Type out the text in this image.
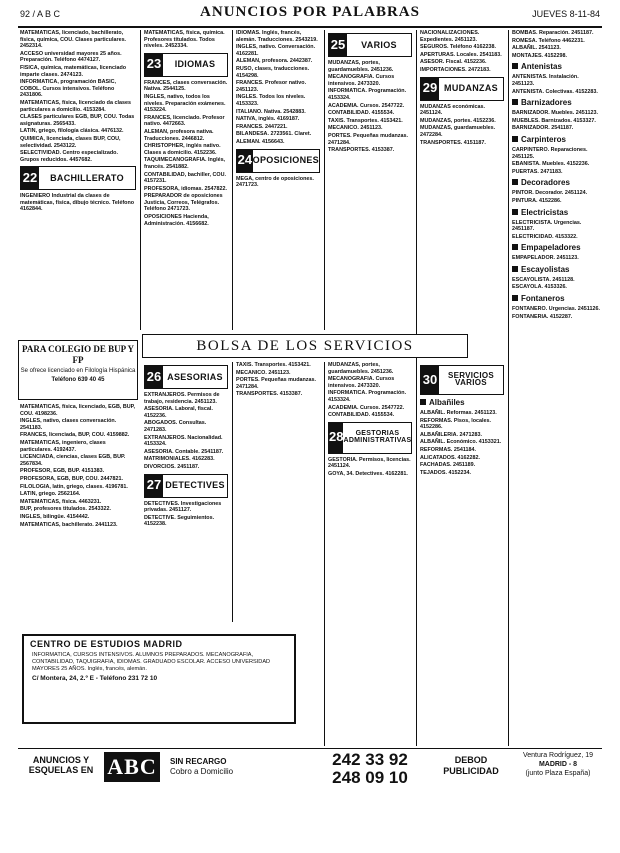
92 / A B C	ANUNCIOS POR PALABRAS	JUEVES 8-11-84

MATEMATICAS, licenciado, bachillerato, física, química, COU. Clases particulares. 2452314.

ACCESO universidad mayores 25 años. Preparación. Teléfono 4474127.

FISICA, química, matemáticas, licenciado imparte clases. 2474123.

INFORMATICA, programación BASIC, COBOL. Cursos intensivos. Teléfono 2431806.

MATEMATICAS, física, licenciado da clases particulares a domicilio. 4153284.

CLASES particulares EGB, BUP, COU. Todas asignaturas. 2565433.

LATIN, griego, filología clásica. 4476132.

QUIMICA, licenciada, clases BUP, COU, selectividad. 2543122.

SELECTIVIDAD. Centro especializado. Grupos reducidos. 4457682.

22	BACHILLERATO

INGENIERO Industrial da clases de matemáticas, física, dibujo técnico. Teléfono 4162844.

PARA COLEGIO DE BUP Y FP
Se ofrece licenciado en Filología Hispánica
Teléfono 639 40 45

MATEMATICAS, física, licenciado, EGB, BUP, COU. 4198236.

INGLES, nativo, clases conversación. 2541183.

FRANCES, licenciada, BUP, COU. 4159882.

MATEMATICAS, ingeniero, clases particulares. 4192437.

LICENCIADA, ciencias, clases EGB, BUP. 2567834.

PROFESOR, EGB, BUP. 4151383.

PROFESORA, EGB, BUP, COU. 2447821.

FILOLOGIA, latín, griego, clases. 4196781.

LATIN, griego. 2562164.

MATEMATICAS, física. 4463231.

BUP, profesores titulados. 2543322.

INGLES, bilingüe. 4154442.

MATEMATICAS, bachillerato. 2441123.

MATEMATICAS, física, química. Profesores titulados. Todos niveles. 2452334.

23	IDIOMAS

FRANCES, clases conversación. Nativa. 2544125.

INGLES, nativo, todos los niveles. Preparación exámenes. 4153224.

FRANCES, licenciado. Profesor nativo. 4472663.

ALEMAN, profesora nativa. Traducciones. 2446812.

CHRISTOPHER, inglés nativo. Clases a domicilio. 4152236.

TAQUIMECANOGRAFIA. Inglés, francés. 2541882.

CONTABILIDAD, bachiller, COU. 4157231.

PROFESORA, idiomas. 2547822.

PREPARADOR de oposiciones Justicia, Correos, Telégrafos. Teléfono 2471723.

OPOSICIONES Hacienda, Administración. 4156682.

IDIOMAS. Inglés, francés, alemán. Traducciones. 2543219.

INGLES, nativo. Conversación. 4162281.

ALEMAN, profesora. 2442387.

RUSO, clases, traducciones. 4154298.

FRANCES. Profesor nativo. 2451123.

INGLES. Todos los niveles. 4153323.

ITALIANO. Nativa. 2542883.

NATIVA, inglés. 4169187.

FRANCES. 2447221.

BILANDESA. 2723561. Claret.

ALEMAN. 4156643.

24 OPOSICIONES

MEGA, centro de oposiciones. 2471723.

25	VARIOS

MUDANZAS, portes, guardamuebles. 2451236.

MECANOGRAFIA. Cursos intensivos. 2473320.

INFORMATICA. Programación. 4153324.

ACADEMIA. Cursos. 2547722.

CONTABILIDAD. 4155534.

TAXIS. Transportes. 4153421.

MECANICO. 2451123.

PORTES. Pequeñas mudanzas. 2471284.

TRANSPORTES. 4153387.

NACIONALIZACIONES. Expedientes. 2451123.

SEGUROS. Teléfono 4162238.

APERTURAS. Locales. 2541183.

ASESOR. Fiscal. 4152236.

IMPORTACIONES. 2472183.

29 MUDANZAS

MUDANZAS económicas. 2451124.

MUDANZAS, portes. 4152236.

MUDANZAS, guardamuebles. 2472284.

TRANSPORTES. 4151187.

BOMBAS. Reparación. 2451187.

ROMESA. Teléfono 4462231.

ALBAÑIL. 2541123.

MONTAJES. 4152298.

Antenistas

ANTENISTAS. Instalación. 2451123.

ANTENISTA. Colectivas. 4152283.

Barnizadores

BARNIZADOR. Muebles. 2451123.

MUEBLES. Barnizados. 4153327.

BARNIZADOR. 2541187.

Carpinteros

CARPINTERO. Reparaciones. 2451125.

EBANISTA. Muebles. 4152236.

PUERTAS. 2471183.

Decoradores

PINTOR. Decorador. 2451124.

PINTURA. 4152286.

Electricistas

ELECTRICISTA. Urgencias. 2451187.

ELECTRICIDAD. 4153322.

Empapeladores

EMPAPELADOR. 2451123.

Escayolistas

ESCAYOLISTA. 2451128.

ESCAYOLA. 4153326.

Fontaneros

FONTANERO. Urgencias. 2451126.

FONTANERIA. 4152287.

BOLSA DE LOS SERVICIOS
26 ASESORIAS

EXTRANJEROS. Permisos de trabajo, residencia. 2451123.

ASESORIA. Laboral, fiscal. 4152236.

ABOGADOS. Consultas. 2471283.

EXTRANJEROS. Nacionalidad. 4153324.

ASESORIA. Contable. 2541187.

MATRIMONIALES. 4162283.

DIVORCIOS. 2451187.

27 DETECTIVES

DETECTIVES. Investigaciones privadas. 2451127.

DETECTIVE. Seguimientos. 4152238.

TAXIS. Transportes. 4153421.

MECANICO. 2451123.

PORTES. Pequeñas mudanzas. 2471284.

TRANSPORTES. 4153387.

MUDANZAS, portes, guardamuebles. 2451236.

MECANOGRAFIA. Cursos intensivos. 2473320.

INFORMATICA. Programación. 4153324.

ACADEMIA. Cursos. 2547722.

CONTABILIDAD. 4155534.

28	GESTORIAS ADMINISTRATIVAS

GESTORIA. Permisos, licencias. 2451124.

GOYA, 34. Detectives. 4162281.

30	SERVICIOS VARIOS
Albañiles

ALBAÑIL. Reformas. 2451123.

REFORMAS. Pisos, locales. 4152286.

ALBAÑILERIA. 2471283.

ALBAÑIL. Económico. 4153321.

REFORMAS. 2541184.

ALICATADOS. 4162282.

FACHADAS. 2451189.

TEJADOS. 4152234.

CENTRO DE ESTUDIOS MADRID
INFORMATICA, CURSOS INTENSIVOS. ALUMNOS PREPARADOS. MECANOGRAFIA, CONTABILIDAD, TAQUIGRAFIA, IDIOMAS. GRADUADO ESCOLAR. ACCESO UNIVERSIDAD MAYORES 25 AÑOS. Inglés, francés, alemán.
C/ Montera, 24, 2.º E - Teléfono 231 72 10
ANUNCIOS Y ESQUELAS EN ABC	SIN RECARGO
Cobro a Domicilio
242 33 92
248 09 10
DEBOD PUBLICIDAD
Ventura Rodríguez, 19
MADRID - 8
(junto Plaza España)
